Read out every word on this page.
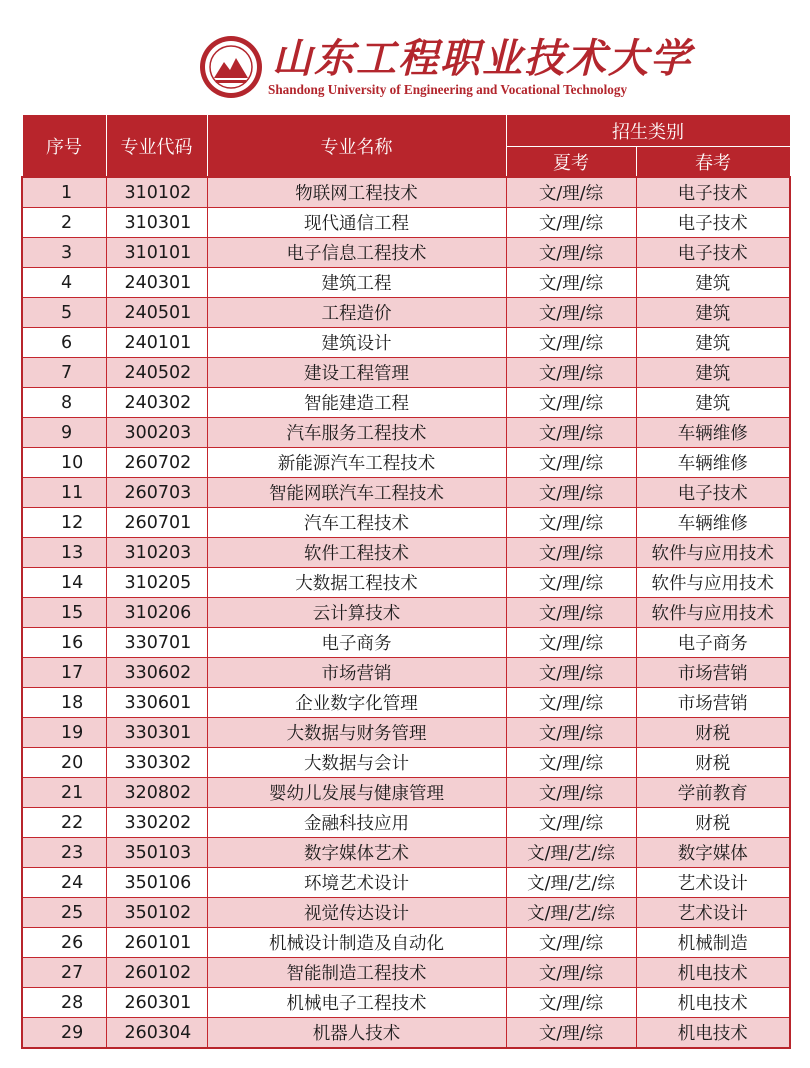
山东工程职业技术大学
Shandong University of Engineering and Vocational Technology
序号	专业代码	专业名称	招生类别	
			夏考	春考
1	310102	物联网工程技术	文/理/综	电子技术
2	310301	现代通信工程	文/理/综	电子技术
3	310101	电子信息工程技术	文/理/综	电子技术
4	240301	建筑工程	文/理/综	建筑
5	240501	工程造价	文/理/综	建筑
6	240101	建筑设计	文/理/综	建筑
7	240502	建设工程管理	文/理/综	建筑
8	240302	智能建造工程	文/理/综	建筑
9	300203	汽车服务工程技术	文/理/综	车辆维修
10	260702	新能源汽车工程技术	文/理/综	车辆维修
11	260703	智能网联汽车工程技术	文/理/综	电子技术
12	260701	汽车工程技术	文/理/综	车辆维修
13	310203	软件工程技术	文/理/综	软件与应用技术
14	310205	大数据工程技术	文/理/综	软件与应用技术
15	310206	云计算技术	文/理/综	软件与应用技术
16	330701	电子商务	文/理/综	电子商务
17	330602	市场营销	文/理/综	市场营销
18	330601	企业数字化管理	文/理/综	市场营销
19	330301	大数据与财务管理	文/理/综	财税
20	330302	大数据与会计	文/理/综	财税
21	320802	婴幼儿发展与健康管理	文/理/综	学前教育
22	330202	金融科技应用	文/理/综	财税
23	350103	数字媒体艺术	文/理/艺/综	数字媒体
24	350106	环境艺术设计	文/理/艺/综	艺术设计
25	350102	视觉传达设计	文/理/艺/综	艺术设计
26	260101	机械设计制造及自动化	文/理/综	机械制造
27	260102	智能制造工程技术	文/理/综	机电技术
28	260301	机械电子工程技术	文/理/综	机电技术
29	260304	机器人技术	文/理/综	机电技术
